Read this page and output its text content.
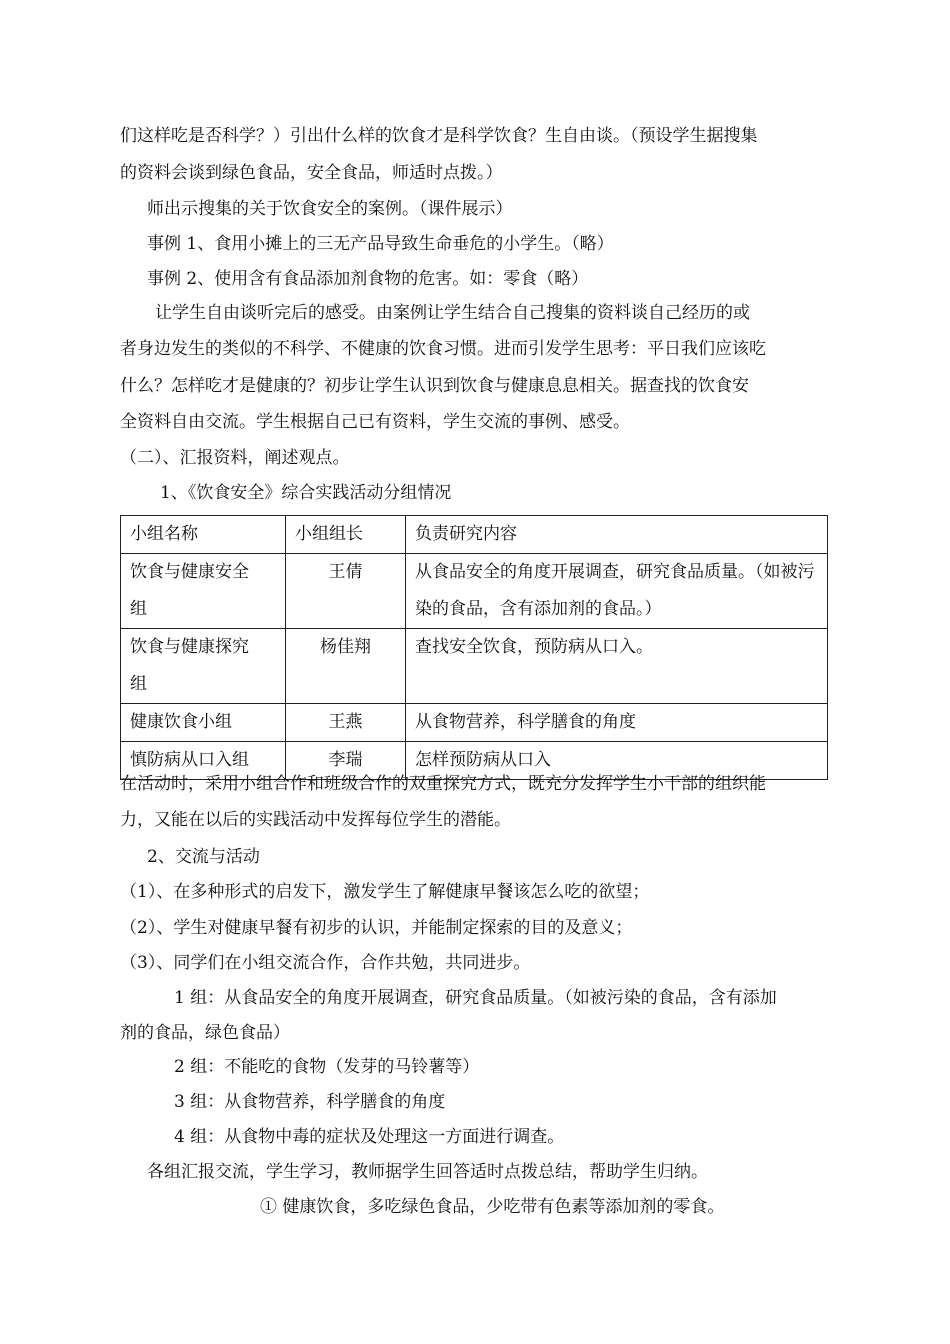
们这样吃是否科学？）引出什么样的饮食才是科学饮食？生自由谈。（预设学生据搜集
的资料会谈到绿色食品，安全食品，师适时点拨。）
师出示搜集的关于饮食安全的案例。（课件展示）
事例 1、食用小摊上的三无产品导致生命垂危的小学生。（略）
事例 2、使用含有食品添加剂食物的危害。如：零食（略）
让学生自由谈听完后的感受。由案例让学生结合自己搜集的资料谈自己经历的或
者身边发生的类似的不科学、不健康的饮食习惯。进而引发学生思考：平日我们应该吃
什么？怎样吃才是健康的？初步让学生认识到饮食与健康息息相关。据查找的饮食安
全资料自由交流。学生根据自己已有资料，学生交流的事例、感受。
（二）、汇报资料，阐述观点。
1、《饮食安全》综合实践活动分组情况
小组名称	小组组长	负责研究内容

饮食与健康安全
组	王倩	从食品安全的角度开展调查，研究食品质量。（如被污染的食品，含有添加剂的食品。）

饮食与健康探究
组	杨佳翔	查找安全饮食，预防病从口入。
健康饮食小组	王燕	从食物营养，科学膳食的角度
慎防病从口入组	李瑞	怎样预防病从口入
在活动时，采用小组合作和班级合作的双重探究方式，既充分发挥学生小干部的组织能
力，又能在以后的实践活动中发挥每位学生的潜能。
2、交流与活动
（1）、在多种形式的启发下，激发学生了解健康早餐该怎么吃的欲望；
（2）、学生对健康早餐有初步的认识，并能制定探索的目的及意义；
（3）、同学们在小组交流合作，合作共勉，共同进步。
1 组：从食品安全的角度开展调查，研究食品质量。（如被污染的食品，含有添加
剂的食品，绿色食品）
2 组：不能吃的食物（发芽的马铃薯等）
3 组：从食物营养，科学膳食的角度
4 组：从食物中毒的症状及处理这一方面进行调查。
各组汇报交流，学生学习，教师据学生回答适时点拨总结，帮助学生归纳。
① 健康饮食，多吃绿色食品，少吃带有色素等添加剂的零食。
